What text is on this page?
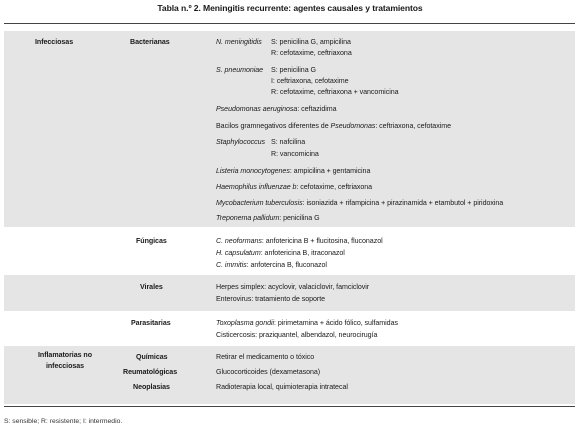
Tabla n.º 2. Meningitis recurrente: agentes causales y tratamientos
Infecciosas
Inflamatorias no
infecciosas
Bacterianas
Fúngicas
Virales
Parasitarias
Químicas
Reumatológicas
Neoplasias
N. meningitidis S: penicilina G, ampicilina
R: cefotaxime, ceftriaxona
S. pneumoniae S: penicilina G
I: ceftriaxona, cefotaxime
R: cefotaxime, ceftriaxona + vancomicina
Pseudomonas aeruginosa: ceftazidima
Bacilos gramnegativos diferentes de Pseudomonas: ceftriaxona, cefotaxime
Staphylococcus S: nafcilina
R: vancomicina
Listeria monocytogenes: ampicilina + gentamicina
Haemophilus influenzae b: cefotaxime, ceftriaxona
Mycobacterium tuberculosis: isoniazida + rifampicina + pirazinamida + etambutol + piridoxina
Treponema pallidum: penicilina G
C. neoformans: anfotericina B + flucitosina, fluconazol
H. capsulatum: anfotericina B, itraconazol
C. immitis: anfotercina B, fluconazol
Herpes simplex: acyclovir, valaciclovir, famciclovir
Enterovirus: tratamiento de soporte
Toxoplasma gondii: pirimetamina + ácido fólico, sulfamidas
Cisticercosis: praziquantel, albendazol, neurocirugía
Retirar el medicamento o tóxico
Glucocorticoides (dexametasona)
Radioterapia local, quimioterapia intratecal
S: sensible; R: resistente; I: intermedio.
